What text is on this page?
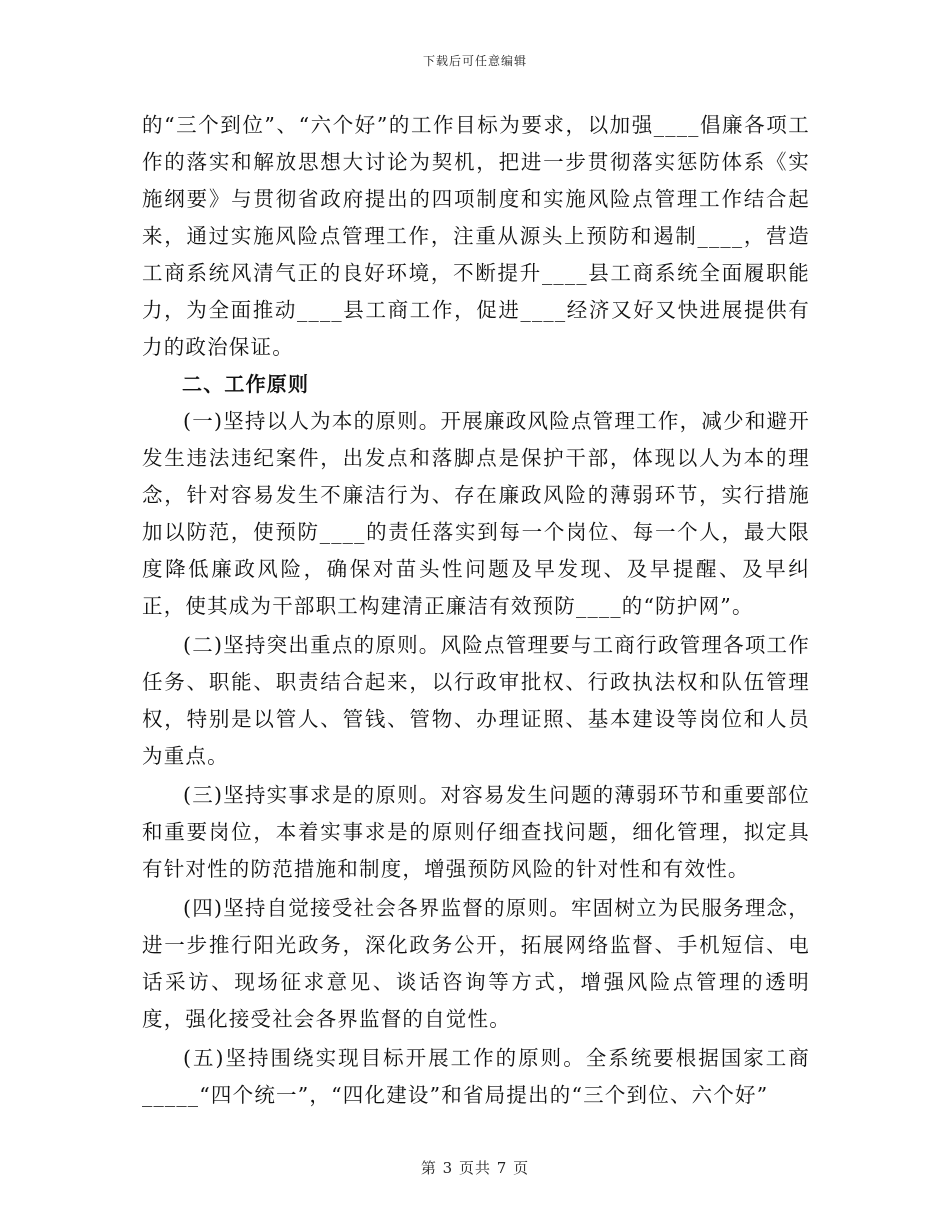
下载后可任意编辑

的“三个到位”、“六个好”的工作目标为要求，以加强____倡廉各项工作的落实和解放思想大讨论为契机，把进一步贯彻落实惩防体系《实施纲要》与贯彻省政府提出的四项制度和实施风险点管理工作结合起来，通过实施风险点管理工作，注重从源头上预防和遏制____，营造工商系统风清气正的良好环境，不断提升____县工商系统全面履职能力，为全面推动____县工商工作，促进____经济又好又快进展提供有力的政治保证。

二、工作原则

(一)坚持以人为本的原则。开展廉政风险点管理工作，减少和避开发生违法违纪案件，出发点和落脚点是保护干部，体现以人为本的理念，针对容易发生不廉洁行为、存在廉政风险的薄弱环节，实行措施加以防范，使预防____的责任落实到每一个岗位、每一个人，最大限度降低廉政风险，确保对苗头性问题及早发现、及早提醒、及早纠正，使其成为干部职工构建清正廉洁有效预防____的“防护网”。

(二)坚持突出重点的原则。风险点管理要与工商行政管理各项工作任务、职能、职责结合起来，以行政审批权、行政执法权和队伍管理权，特别是以管人、管钱、管物、办理证照、基本建设等岗位和人员为重点。

(三)坚持实事求是的原则。对容易发生问题的薄弱环节和重要部位和重要岗位，本着实事求是的原则仔细查找问题，细化管理，拟定具有针对性的防范措施和制度，增强预防风险的针对性和有效性。

(四)坚持自觉接受社会各界监督的原则。牢固树立为民服务理念，进一步推行阳光政务，深化政务公开，拓展网络监督、手机短信、电话采访、现场征求意见、谈话咨询等方式，增强风险点管理的透明度，强化接受社会各界监督的自觉性。

(五)坚持围绕实现目标开展工作的原则。全系统要根据国家工商_____“四个统一”，“四化建设”和省局提出的“三个到位、六个好”

第 3 页共 7 页
